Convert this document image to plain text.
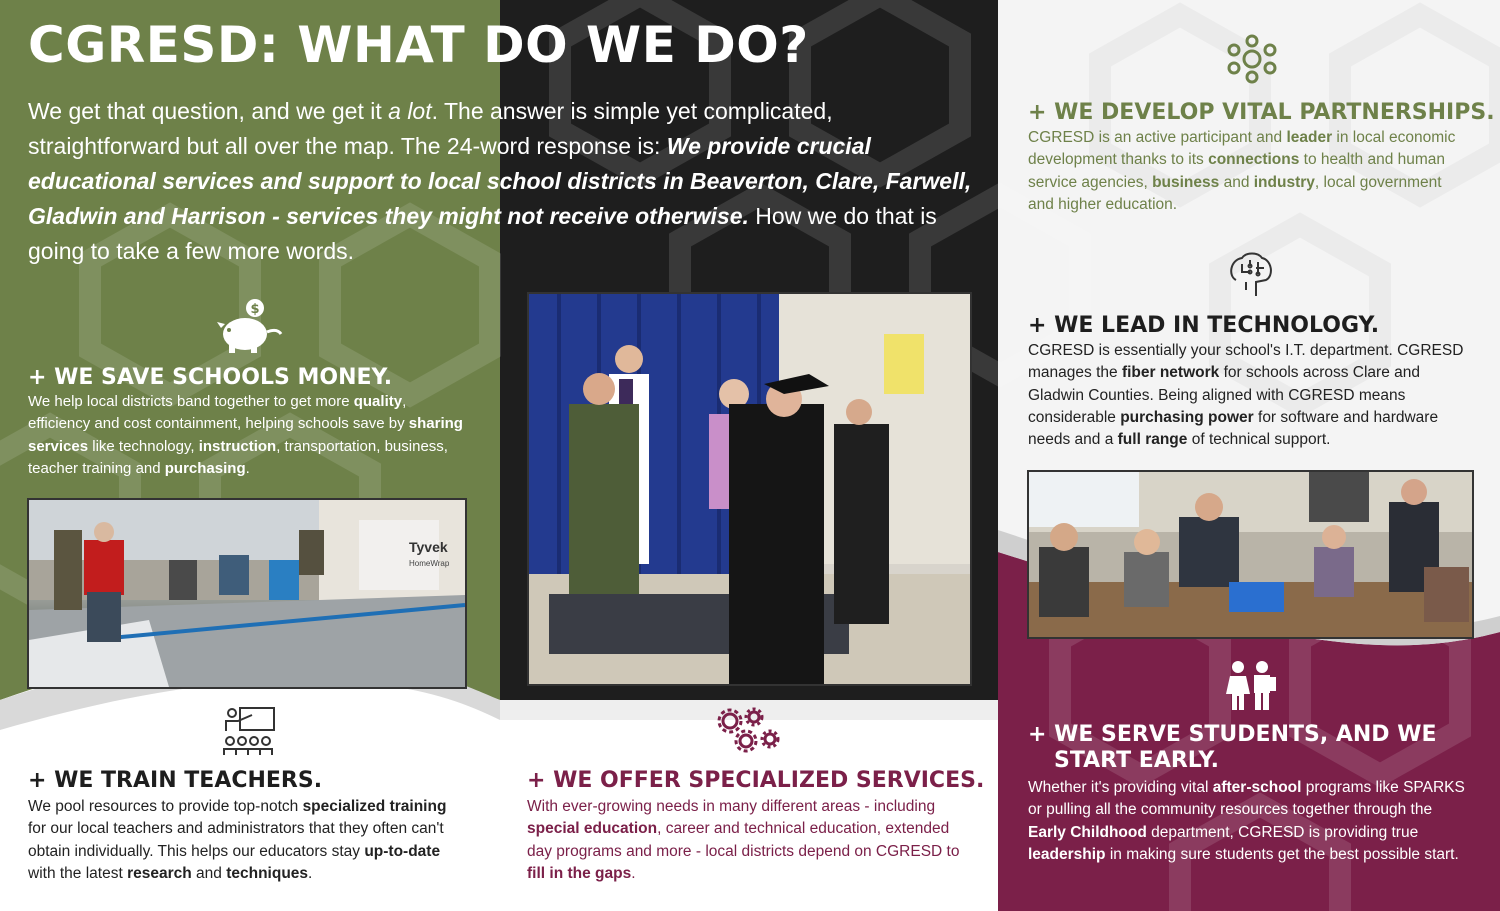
CGRESD: WHAT DO WE DO?
We get that question, and we get it a lot. The answer is simple yet complicated, straightforward but all over the map. The 24-word response is: We provide crucial educational services and support to local school districts in Beaverton, Clare, Farwell, Gladwin and Harrison - services they might not receive otherwise. How we do that is going to take a few more words.
$
+ WE SAVE SCHOOLS MONEY.
We help local districts band together to get more quality, efficiency and cost containment, helping schools save by sharing services like technology, instruction, transportation, business, teacher training and purchasing.
Tyvek
HomeWrap
+ WE TRAIN TEACHERS.
We pool resources to provide top-notch specialized training for our local teachers and administrators that they often can't obtain individually. This helps our educators stay up-to-date with the latest research and techniques.
+ WE OFFER SPECIALIZED SERVICES.
With ever-growing needs in many different areas - including special education, career and technical education, extended day programs and more - local districts depend on CGRESD to fill in the gaps.
+ WE DEVELOP VITAL PARTNERSHIPS.
CGRESD is an active participant and leader in local economic development thanks to its connections to health and human service agencies, business and industry, local government and higher education.
+ WE LEAD IN TECHNOLOGY.
CGRESD is essentially your school's I.T. department. CGRESD manages the fiber network for schools across Clare and Gladwin Counties. Being aligned with CGRESD means considerable purchasing power for software and hardware needs and a full range of technical support.
+ WE SERVE STUDENTS, AND WE
START EARLY.
Whether it's providing vital after-school programs like SPARKS or pulling all the community resources together through the Early Childhood department, CGRESD is providing true leadership in making sure students get the best possible start.
